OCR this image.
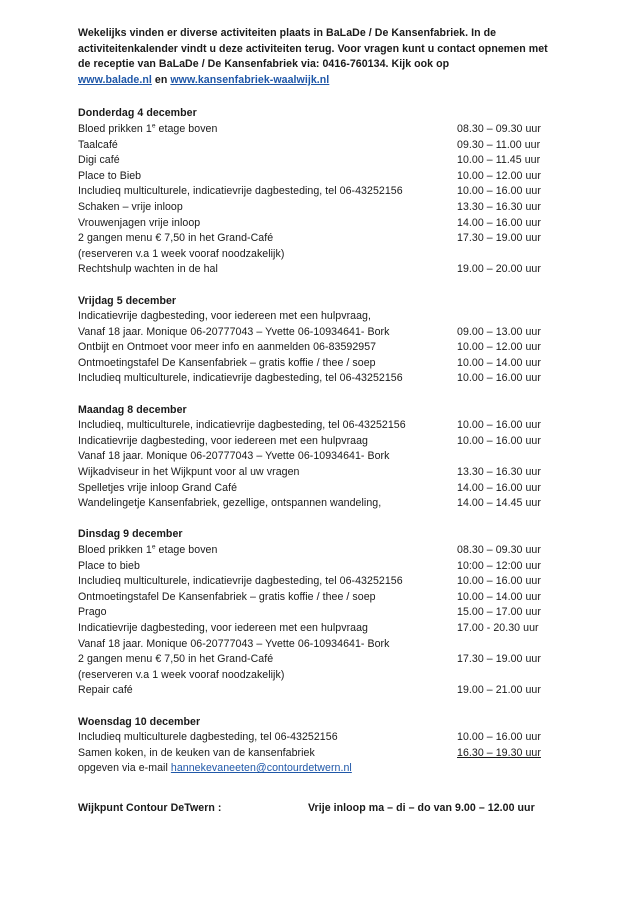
Wekelijks vinden er diverse activiteiten plaats in BaLaDe / De Kansenfabriek. In de activiteitenkalender vindt u deze activiteiten terug. Voor vragen kunt u contact opnemen met de receptie van BaLaDe / De Kansenfabriek via: 0416-760134. Kijk ook op
www.balade.nl en www.kansenfabriek-waalwijk.nl

Donderdag 4 december
Bloed prikken 1e etage boven	08.30 – 09.30 uur
Taalcafé	09.30 – 11.00 uur
Digi café	10.00 – 11.45 uur
Place to Bieb	10.00 – 12.00 uur
Includieq multiculturele, indicatievrije dagbesteding, tel 06-43252156	10.00 – 16.00 uur
Schaken – vrije inloop	13.30 – 16.30 uur
Vrouwenjagen vrije inloop	14.00 – 16.00 uur
2 gangen menu € 7,50 in het Grand-Café	17.30 – 19.00 uur
(reserveren v.a 1 week vooraf noodzakelijk)
Rechtshulp wachten in de hal	19.00 – 20.00 uur
Vrijdag 5 december
Indicatievrije dagbesteding, voor iedereen met een hulpvraag,
Vanaf 18 jaar. Monique 06-20777043 – Yvette 06-10934641- Bork	09.00 – 13.00 uur
Ontbijt en Ontmoet voor meer info en aanmelden 06-83592957	10.00 – 12.00 uur
Ontmoetingstafel De Kansenfabriek – gratis koffie / thee / soep	10.00 – 14.00 uur
Includieq multiculturele, indicatievrije dagbesteding, tel 06-43252156	10.00 – 16.00 uur
Maandag 8 december
Includieq, multiculturele, indicatievrije dagbesteding, tel 06-43252156	10.00 – 16.00 uur
Indicatievrije dagbesteding, voor iedereen met een hulpvraag	10.00 – 16.00 uur
Vanaf 18 jaar. Monique 06-20777043 – Yvette 06-10934641- Bork
Wijkadviseur in het Wijkpunt voor al uw vragen	13.30 – 16.30 uur
Spelletjes vrije inloop Grand Café	14.00 – 16.00 uur
Wandelingetje Kansenfabriek, gezellige, ontspannen wandeling,	14.00 – 14.45 uur
Dinsdag 9 december
Bloed prikken 1e etage boven	08.30 – 09.30 uur
Place to bieb	10:00 – 12:00 uur
Includieq multiculturele, indicatievrije dagbesteding, tel 06-43252156	10.00 – 16.00 uur
Ontmoetingstafel De Kansenfabriek – gratis koffie / thee / soep	10.00 – 14.00 uur
Prago	15.00 – 17.00 uur
Indicatievrije dagbesteding, voor iedereen met een hulpvraag	17.00 - 20.30 uur
Vanaf 18 jaar. Monique 06-20777043 – Yvette 06-10934641- Bork
2 gangen menu € 7,50 in het Grand-Café	17.30 – 19.00 uur
(reserveren v.a 1 week vooraf noodzakelijk)
Repair café	19.00 – 21.00 uur
Woensdag 10 december
Includieq multiculturele dagbesteding, tel 06-43252156	10.00 – 16.00 uur
Samen koken, in de keuken van de kansenfabriek	16.30 – 19.30 uur
opgeven via e-mail hannekevaneeten@contourdetwern.nl
Wijkpunt Contour DeTwern :	Vrije inloop ma – di – do van 9.00 – 12.00 uur
